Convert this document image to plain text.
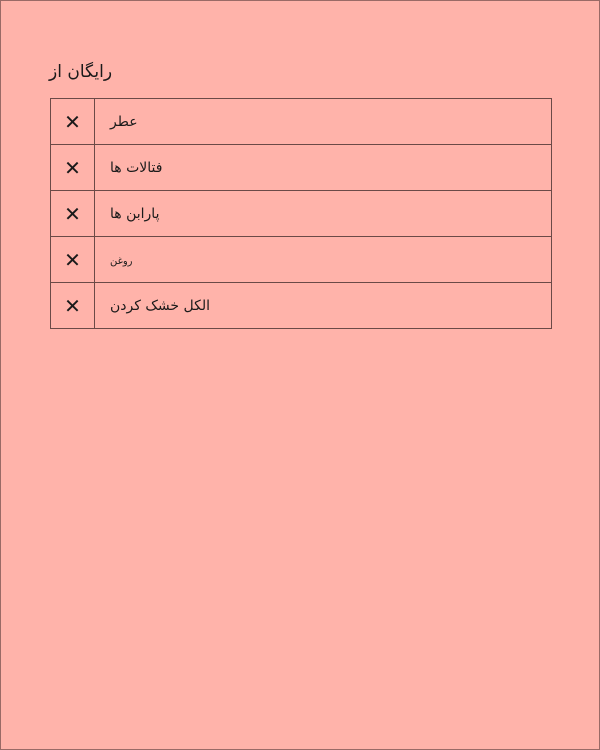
رایگان از
✕	عطر
✕	فتالات ها
✕	پارابن ها
✕	روغن
✕	الکل خشک کردن
